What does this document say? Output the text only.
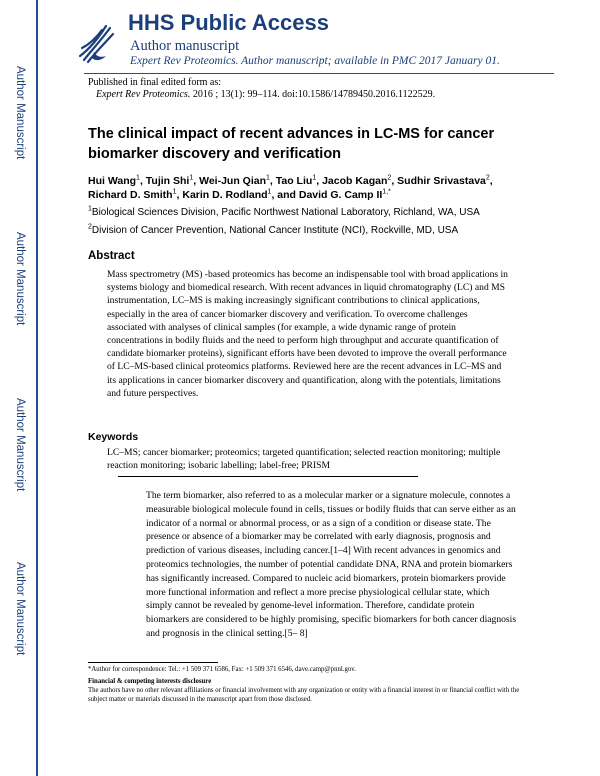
Author Manuscript
Author Manuscript
Author Manuscript
Author Manuscript
HHS Public Access
Author manuscript
Expert Rev Proteomics. Author manuscript; available in PMC 2017 January 01.
Published in final edited form as:
Expert Rev Proteomics. 2016 ; 13(1): 99–114. doi:10.1586/14789450.2016.1122529.
The clinical impact of recent advances in LC-MS for cancer biomarker discovery and verification
Hui Wang$^1$, Tujin Shi$^1$, Wei-Jun Qian$^1$, Tao Liu$^1$, Jacob Kagan$^2$, Sudhir Srivastava$^2$, Richard D. Smith$^1$, Karin D. Rodland$^1$, and David G. Camp $II^{1,*}$
$^1$Biological Sciences Division, Pacific Northwest National Laboratory, Richland, WA, USA
$^2$Division of Cancer Prevention, National Cancer Institute (NCI), Rockville, MD, USA
Abstract

Mass spectrometry (MS) -based proteomics has become an indispensable tool with broad applications in systems biology and biomedical research. With recent advances in liquid chromatography (LC) and MS instrumentation, LC–MS is making increasingly significant contributions to clinical applications, especially in the area of cancer biomarker discovery and verification. To overcome challenges associated with analyses of clinical samples (for example, a wide dynamic range of protein concentrations in bodily fluids and the need to perform high throughput and accurate quantification of candidate biomarker proteins), significant efforts have been devoted to improve the overall performance of LC–MS-based clinical proteomics platforms. Reviewed here are the recent advances in LC–MS and its applications in cancer biomarker discovery and quantification, along with the potentials, limitations and future perspectives.

Keywords

LC–MS; cancer biomarker; proteomics; targeted quantification; selected reaction monitoring; multiple reaction monitoring; isobaric labelling; label-free; PRISM

The term biomarker, also referred to as a molecular marker or a signature molecule, connotes a measurable biological molecule found in cells, tissues or bodily fluids that can serve either as an indicator of a normal or abnormal process, or as a sign of a condition or disease state. The presence or absence of a biomarker may be correlated with early diagnosis, prognosis and prediction of various diseases, including cancer.[1–4] With recent advances in genomics and proteomics technologies, the number of potential candidate DNA, RNA and protein biomarkers has significantly increased. Compared to nucleic acid biomarkers, protein biomarkers provide more functional information and reflect a more precise physiological cellular state, which simply cannot be revealed by genome-level information. Therefore, candidate protein biomarkers are considered to be highly promising, specific biomarkers for both cancer diagnosis and prognosis in the clinical setting.[5– 8]

*Author for correspondence: Tel.: +1 509 371 6586, Fax: +1 509 371 6546, dave.camp@pnnl.gov.

Financial & competing interests disclosure

The authors have no other relevant affiliations or financial involvement with any organization or entity with a financial interest in or financial conflict with the subject matter or materials discussed in the manuscript apart from those disclosed.
